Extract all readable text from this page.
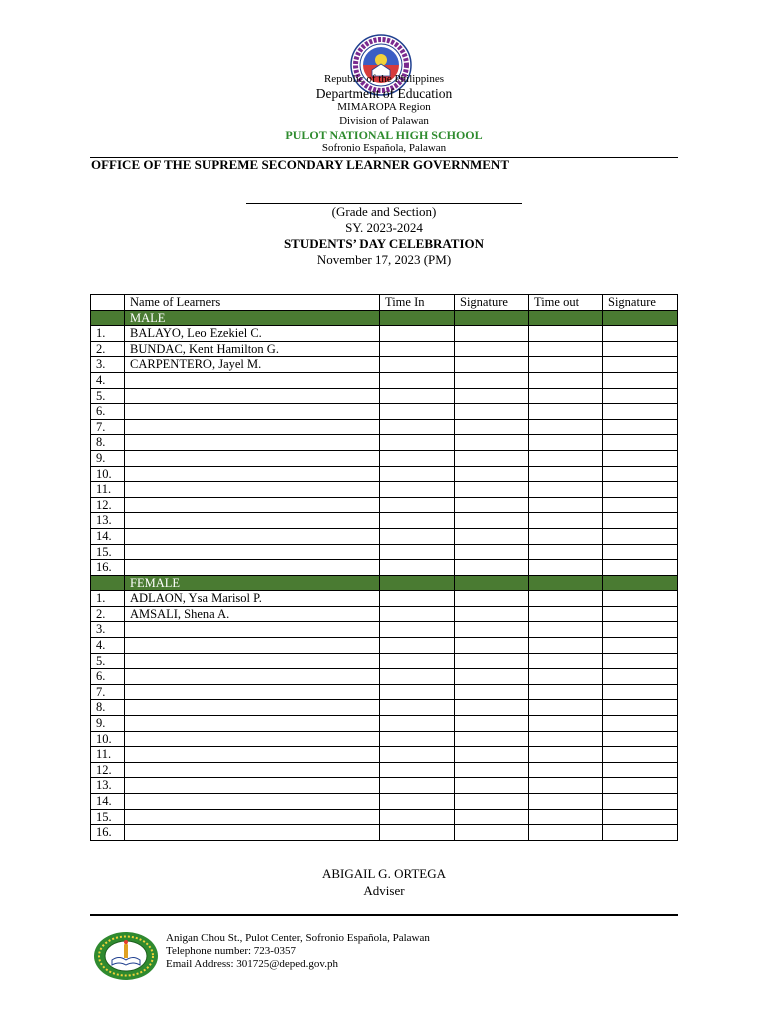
Republic of the Philippines
Department of Education
MIMAROPA Region
Division of Palawan
PULOT NATIONAL HIGH SCHOOL
Sofronio Española, Palawan
OFFICE OF THE SUPREME SECONDARY LEARNER GOVERNMENT
(Grade and Section)
SY. 2023-2024
STUDENTS’ DAY CELEBRATION
November 17, 2023 (PM)
	Name of Learners	Time In	Signature	Time out	Signature
	MALE				
1.	BALAYO, Leo Ezekiel C.				
2.	BUNDAC, Kent Hamilton G.				
3.	CARPENTERO, Jayel M.				
4.					
5.					
6.					
7.					
8.					
9.					
10.					
11.					
12.					
13.					
14.					
15.					
16.					
	FEMALE				
1.	ADLAON, Ysa Marisol P.				
2.	AMSALI, Shena A.				
3.					
4.					
5.					
6.					
7.					
8.					
9.					
10.					
11.					
12.					
13.					
14.					
15.					
16.					
ABIGAIL G. ORTEGA
Adviser
Anigan Chou St., Pulot Center, Sofronio Española, Palawan
Telephone number: 723-0357
Email Address: 301725@deped.gov.ph
